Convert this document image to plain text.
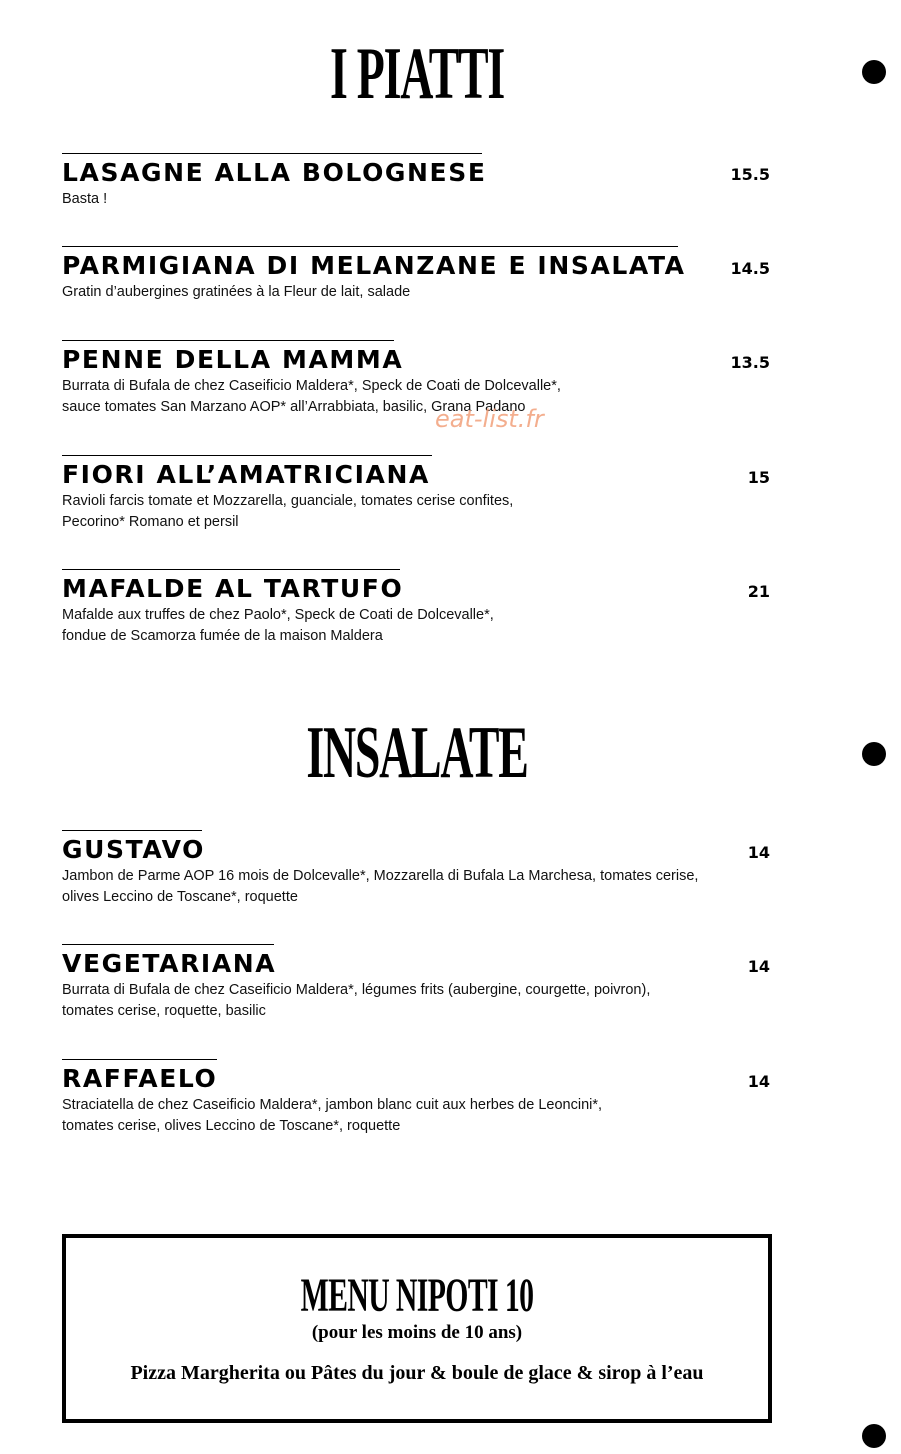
I PIATTI
LASAGNE ALLA BOLOGNESE
Basta !
15.5
PARMIGIANA DI MELANZANE E INSALATA
Gratin d’aubergines gratinées à la Fleur de lait, salade
14.5
PENNE DELLA MAMMA
Burrata di Bufala de chez Caseificio Maldera*, Speck de Coati de Dolcevalle*,
sauce tomates San Marzano AOP* all’Arrabbiata, basilic, Grana Padano
13.5
eat-list.fr
FIORI ALL’AMATRICIANA
Ravioli farcis tomate et Mozzarella, guanciale, tomates cerise confites,
Pecorino* Romano et persil
15
MAFALDE AL TARTUFO
Mafalde aux truffes de chez Paolo*, Speck de Coati de Dolcevalle*,
fondue de Scamorza fumée de la maison Maldera
21
INSALATE
GUSTAVO
Jambon de Parme AOP 16 mois de Dolcevalle*, Mozzarella di Bufala La Marchesa, tomates cerise,
olives Leccino de Toscane*, roquette
14
VEGETARIANA
Burrata di Bufala de chez Caseificio Maldera*, légumes frits (aubergine, courgette, poivron),
tomates cerise, roquette, basilic
14
RAFFAELO
Straciatella de chez Caseificio Maldera*, jambon blanc cuit aux herbes de Leoncini*,
tomates cerise, olives Leccino de Toscane*, roquette
14
MENU NIPOTI 10
(pour les moins de 10 ans)
Pizza Margherita ou Pâtes du jour & boule de glace & sirop à l’eau
